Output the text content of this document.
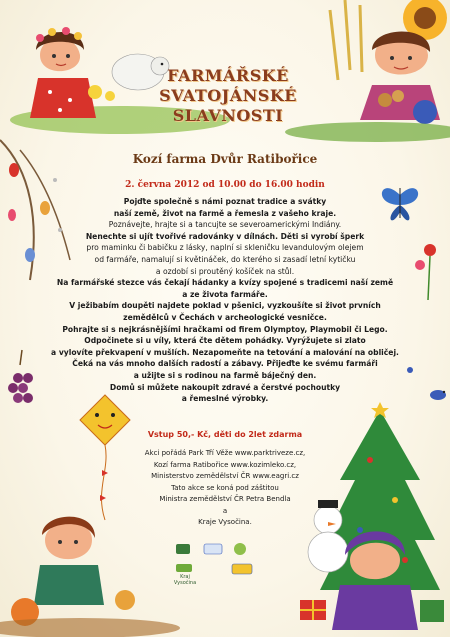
FARMÁŘSKÉ
SVATOJÁNSKÉ
SLAVNOSTI
Kozí farma Dvůr Ratibořice
2. června 2012 od 10.00 do 16.00 hodin
Pojďte společně s námi poznat tradice a svátky
naší země, život na farmě a řemesla z vašeho kraje.
Poznávejte, hrajte si a tancujte se severoamerickými Indiány.
Nenechte si ujít tvořivé radovánky v dílnách. Děti si vyrobí šperk
pro maminku či babičku z lásky, naplní si skleničku levandulovým olejem
od farmáře, namalují si květináček, do kterého si zasadí letní kytičku
a ozdobí si proutěný košíček na stůl.
Na farmářské stezce vás čekají hádanky a kvízy spojené s tradicemi naší země
a ze života farmáře.
V ježibabím doupěti najdete poklad v pšenici, vyzkoušíte si život prvních
zemědělců v Čechách v archeologické vesničce.
Pohrajte si s nejkrásnějšími hračkami od firem Olymptoy, Playmobil či Lego.
Odpočinete si u víly, která čte dětem pohádky. Vyrýžujete si zlato
a vylovíte překvapení v mušlích. Nezapomeňte na tetování a malování na obličej.
Čeká na vás mnoho dalších radostí a zábavy. Přijeďte ke svému farmáři
a užijte si s rodinou na farmě báječný den.
Domů si můžete nakoupit zdravé a čerstvé pochoutky
a řemeslné výrobky.
Vstup 50,- Kč, děti do 2let zdarma
Akci pořádá Park Tří Věže www.parktriveze.cz,
Kozí farma Ratibořice www.kozimleko.cz,
Ministerstvo zemědělství ČR www.eagri.cz
Tato akce se koná pod záštitou
Ministra zemědělství ČR Petra Bendla
a
Kraje Vysočina.
Kraj Vysočina
